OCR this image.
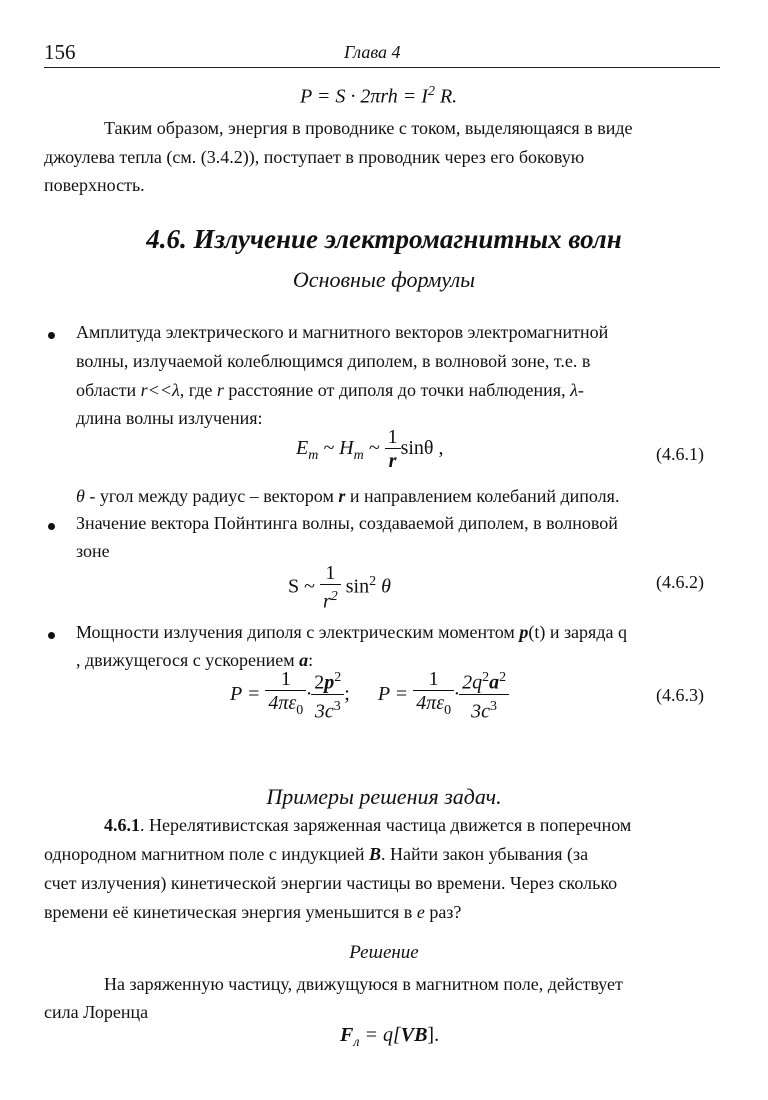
156	Глава 4
$P = S \cdot 2\pi rh = I^2$ R.
Таким образом, энергия в проводнике с током, выделяющаяся в виде
джоулева тепла (см. (3.4.2)), поступает в проводник через его боковую
поверхность.
4.6. Излучение электромагнитных волн
Основные формулы
Амплитуда электрического и магнитного векторов электромагнитной
волны, излучаемой колеблющимся диполем, в волновой зоне, т.е. в
области r<<λ, где r расстояние от диполя до точки наблюдения, λ-
длина волны излучения:
$E_m$ ~ $H_m$ ~ $\frac{1}{r}$ sinθ ,	(4.6.1)
θ - угол между радиус – вектором r и направлением колебаний диполя.
Значение вектора Пойнтинга волны, создаваемой диполем, в волновой
зоне
S ~ $\frac{1}{r^2} \sin^2 \theta$	(4.6.2)
Мощности излучения диполя с электрическим моментом p(t) и заряда q
, движущегося с ускорением a:
$P = \frac{1}{4\pi\varepsilon_0} \cdot \frac{2p^2}{3c^3}$ ; $P = \frac{1}{4\pi\varepsilon_0} \cdot \frac{2q^2a^2}{3c^3}$	(4.6.3)
Примеры решения задач.
4.6.1. Нерелятивистская заряженная частица движется в поперечном
однородном магнитном поле с индукцией B. Найти закон убывания (за
счет излучения) кинетической энергии частицы во времени. Через сколько
времени её кинетическая энергия уменьшится в e раз?
Решение
На заряженную частицу, движущуюся в магнитном поле, действует
сила Лоренца
$F_л = q[VB]$.
